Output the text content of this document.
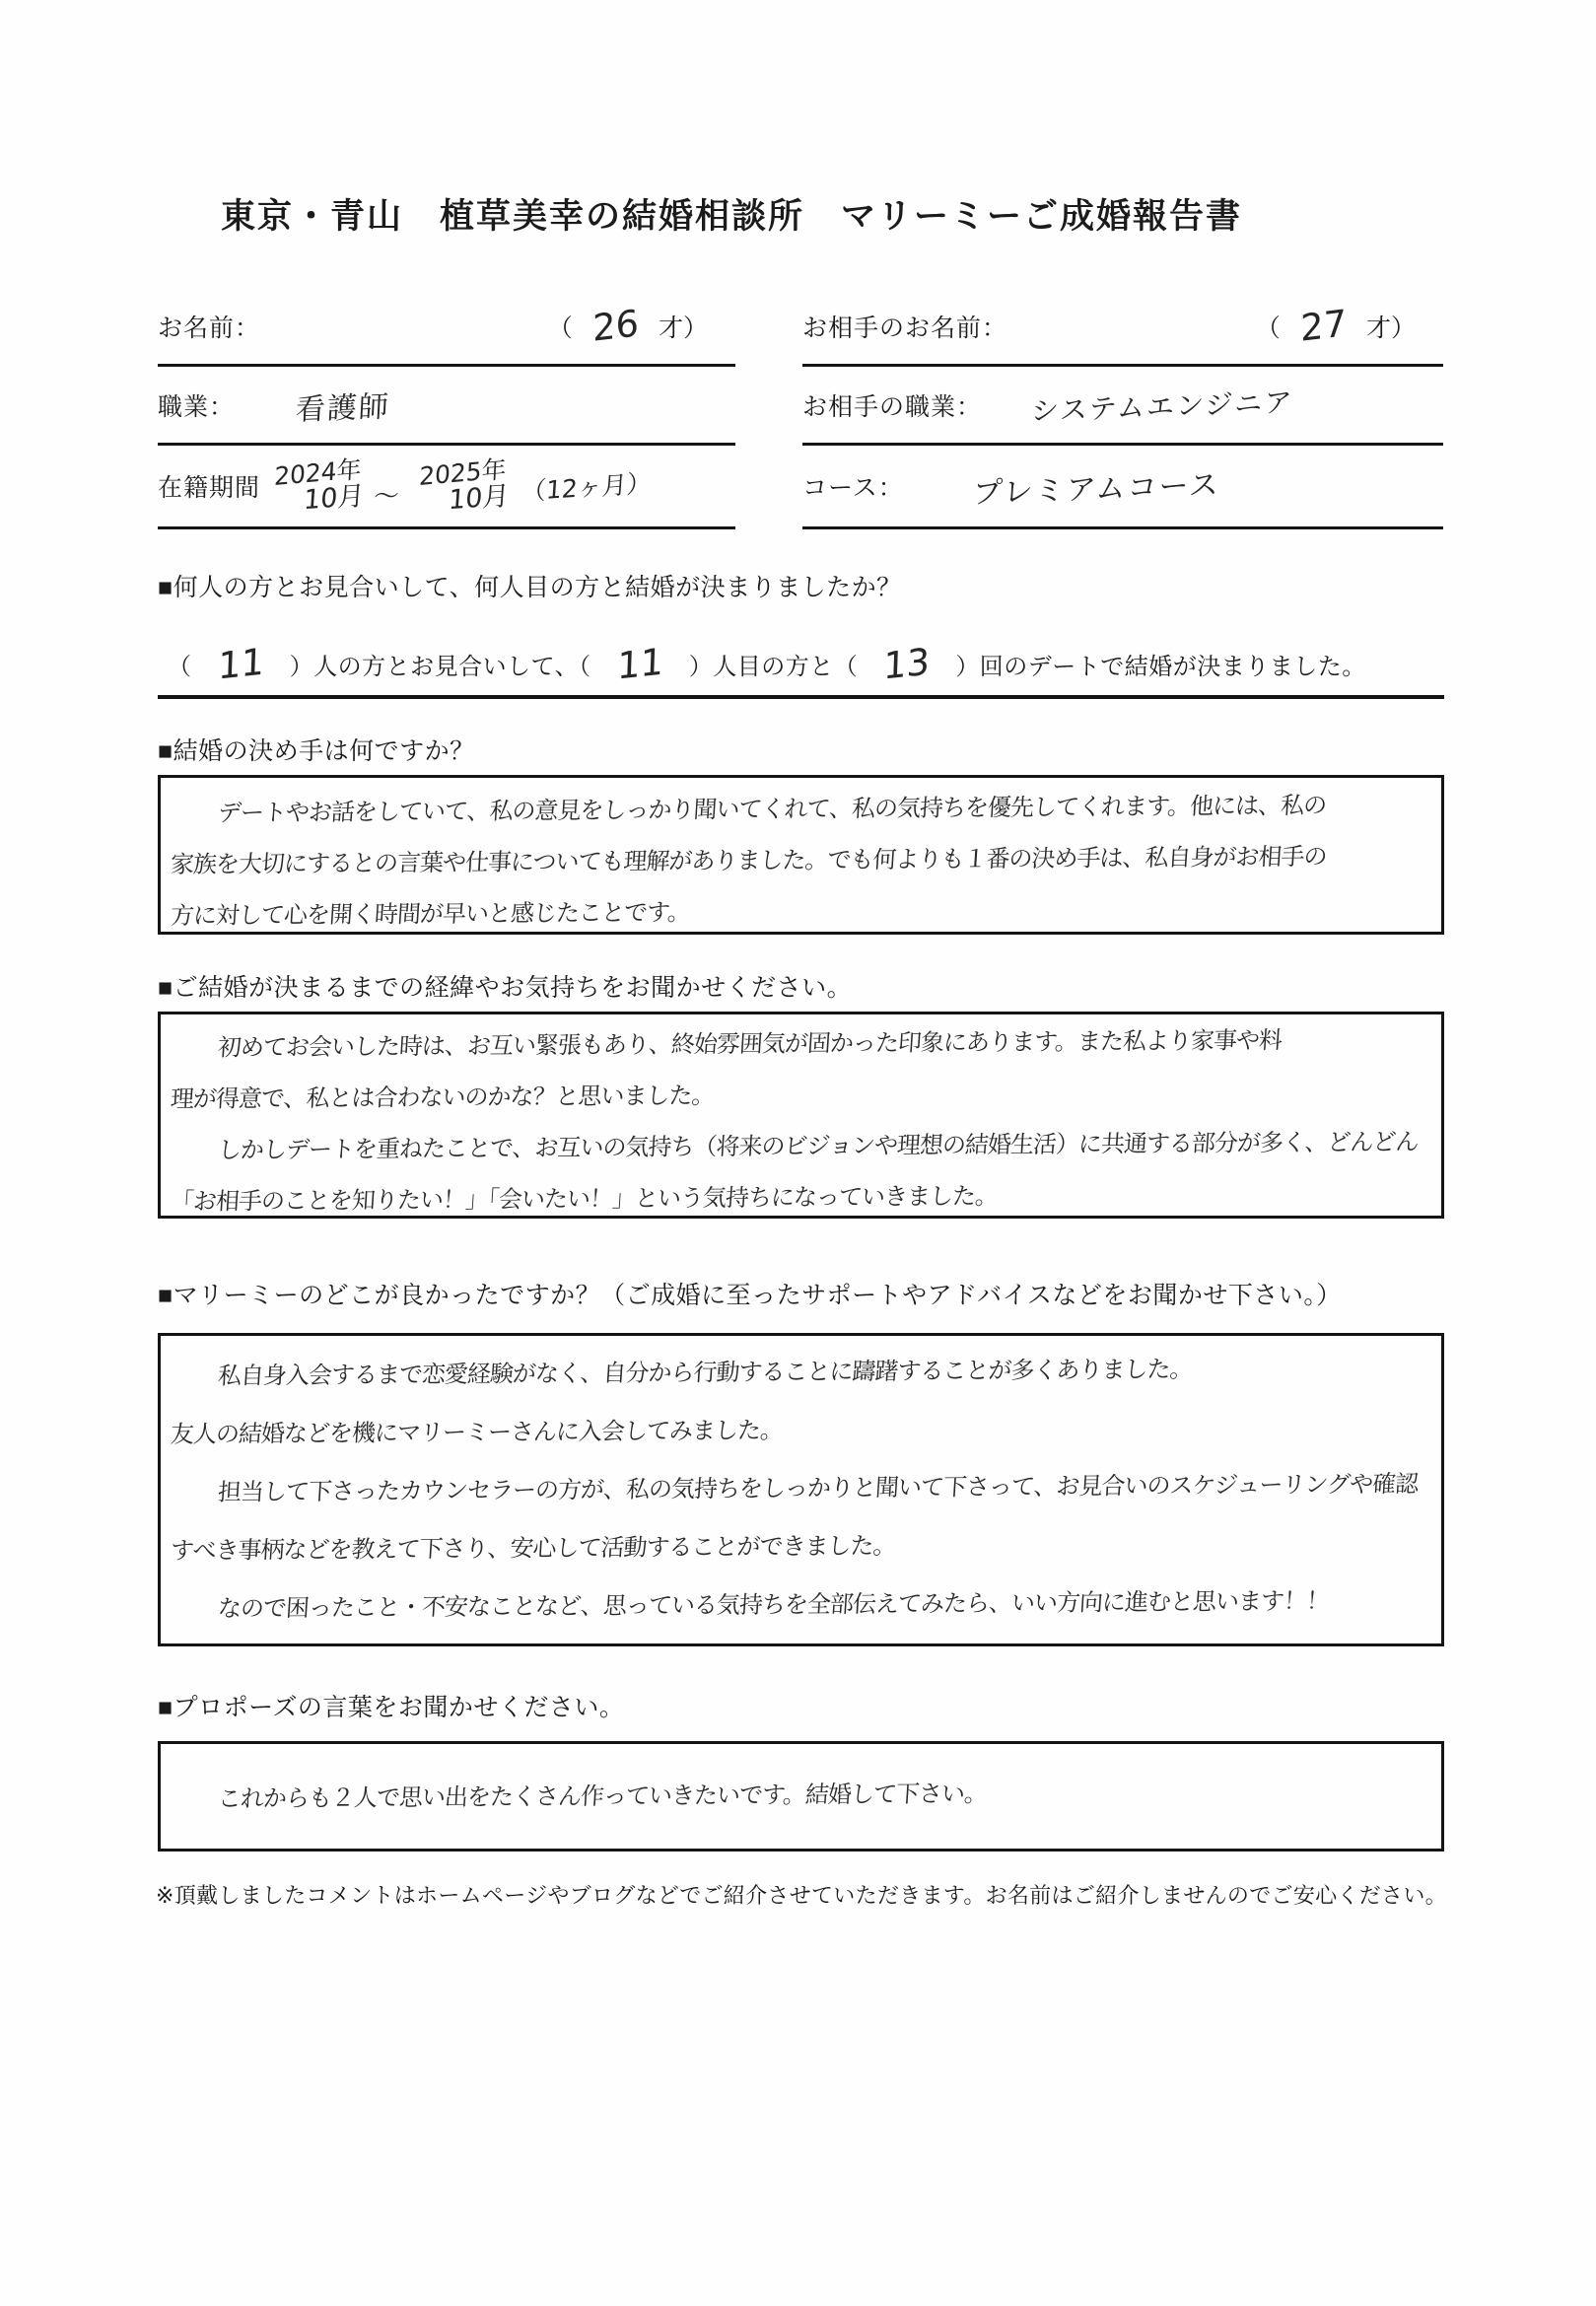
東京・青山　植草美幸の結婚相談所　マリーミーご成婚報告書
お名前：	（ 26 才）
職業： 看護師
在籍期間 2024年
10月 ～
2025年
10月 （12ヶ月）
お相手のお名前：	（ 27 才）
お相手の職業： システムエンジニア
コース： プレミアムコース
■何人の方とお見合いして、何人目の方と結婚が決まりましたか？
（ 11 ）人の方とお見合いして、（ 11 ）人目の方と（ 13 ）回のデートで結婚が決まりました。
■結婚の決め手は何ですか？
デートやお話をしていて、私の意見をしっかり聞いてくれて、私の気持ちを優先してくれます。他には、私の
家族を大切にするとの言葉や仕事についても理解がありました。でも何よりも１番の決め手は、私自身がお相手の
方に対して心を開く時間が早いと感じたことです。
■ご結婚が決まるまでの経緯やお気持ちをお聞かせください。
初めてお会いした時は、お互い緊張もあり、終始雰囲気が固かった印象にあります。また私より家事や料
理が得意で、私とは合わないのかな？と思いました。
しかしデートを重ねたことで、お互いの気持ち（将来のビジョンや理想の結婚生活）に共通する部分が多く、どんどん
「お相手のことを知りたい！」「会いたい！」という気持ちになっていきました。
■マリーミーのどこが良かったですか？（ご成婚に至ったサポートやアドバイスなどをお聞かせ下さい。）
私自身入会するまで恋愛経験がなく、自分から行動することに躊躇することが多くありました。
友人の結婚などを機にマリーミーさんに入会してみました。
担当して下さったカウンセラーの方が、私の気持ちをしっかりと聞いて下さって、お見合いのスケジューリングや確認
すべき事柄などを教えて下さり、安心して活動することができました。
なので困ったこと・不安なことなど、思っている気持ちを全部伝えてみたら、いい方向に進むと思います！！
■プロポーズの言葉をお聞かせください。
これからも２人で思い出をたくさん作っていきたいです。結婚して下さい。
※頂戴しましたコメントはホームページやブログなどでご紹介させていただきます。お名前はご紹介しませんのでご安心ください。
